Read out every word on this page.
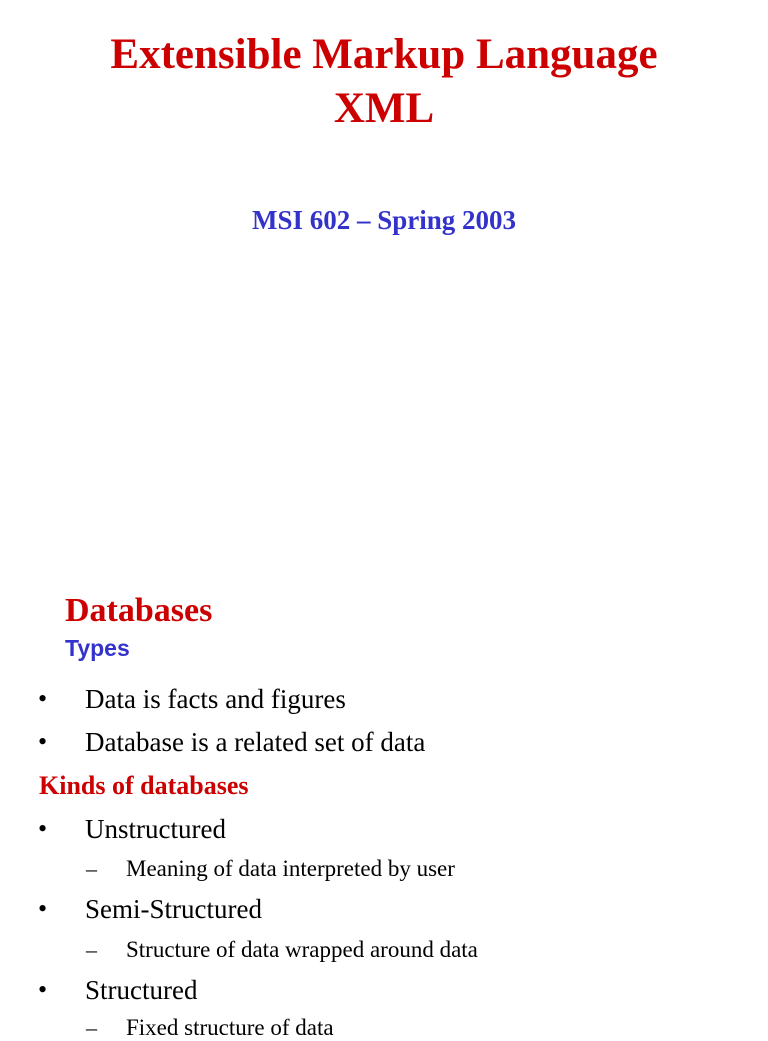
Extensible Markup Language
XML

MSI 602 – Spring 2003

Databases

Types

• Data is facts and figures
• Database is a related set of data
Kinds of databases
• Unstructured
– Meaning of data interpreted by user
• Semi-Structured
– Structure of data wrapped around data
• Structured
– Fixed structure of data
